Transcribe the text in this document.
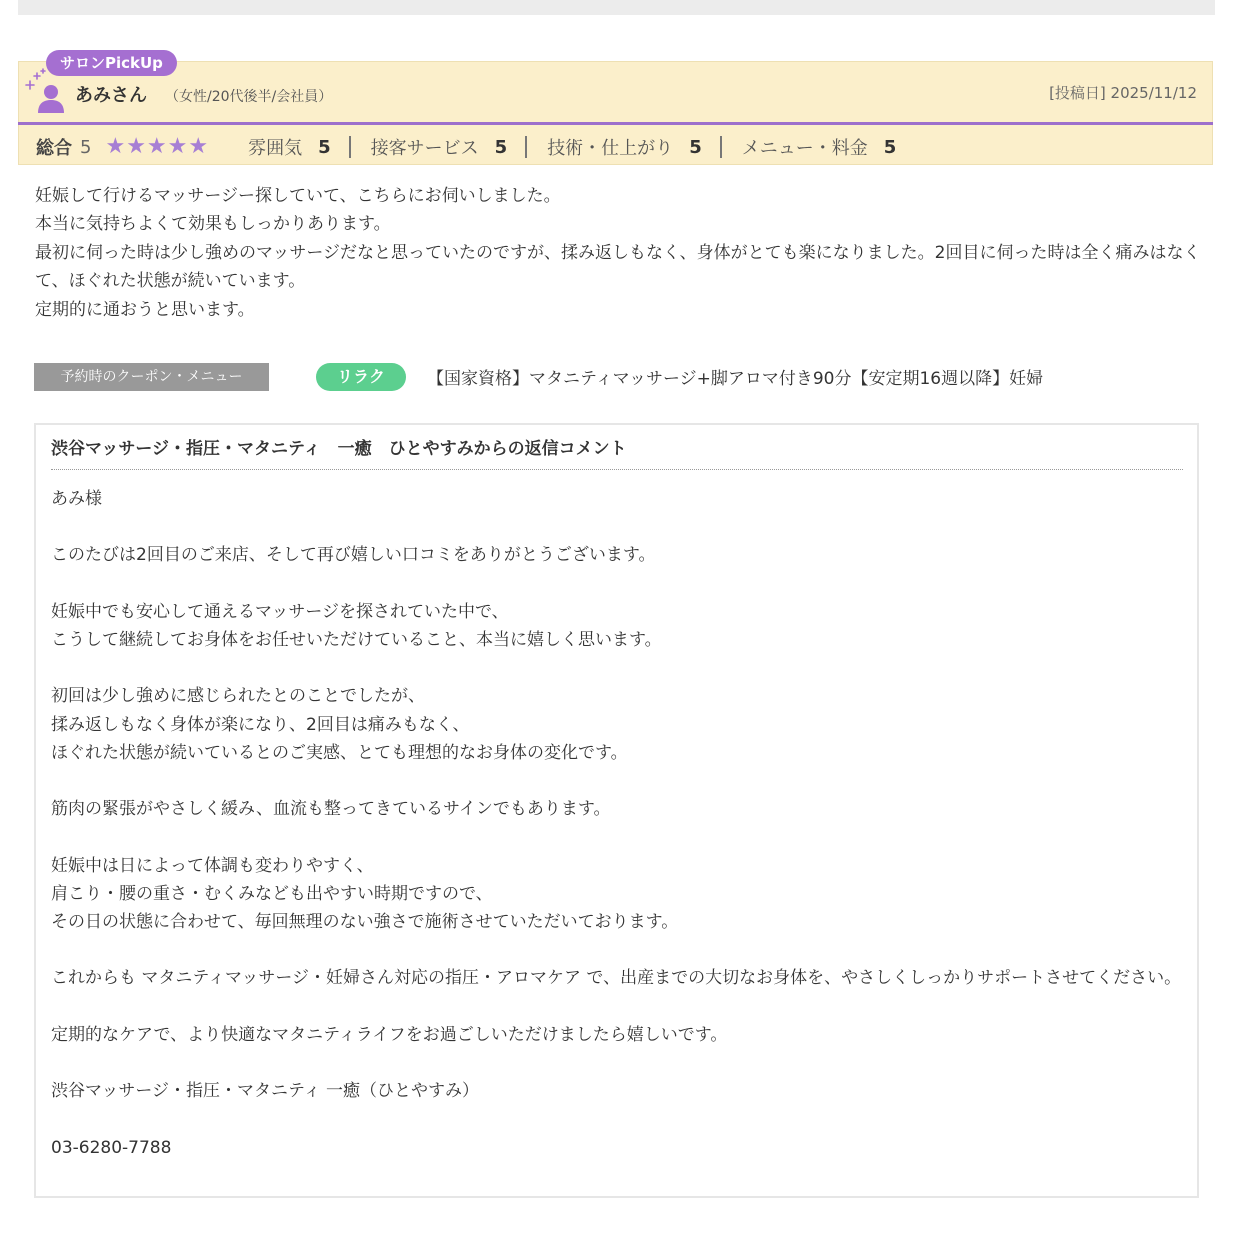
サロンPickUp
あみさん （女性/20代後半/会社員）	[投稿日] 2025/11/12
総合 5 ★ ★ ★ ★ ★ 雰囲気 5 接客サービス 5 技術・仕上がり 5 メニュー・料金 5

妊娠して行けるマッサージー探していて、こちらにお伺いしました。

本当に気持ちよくて効果もしっかりあります。

最初に伺った時は少し強めのマッサージだなと思っていたのですが、揉み返しもなく、身体がとても楽になりました。2回目に伺った時は全く痛みはなくて、ほぐれた状態が続いています。

定期的に通おうと思います。

予約時のクーポン・メニュー	リラク	【国家資格】マタニティマッサージ+脚アロマ付き90分【安定期16週以降】妊婦
渋谷マッサージ・指圧・マタニティ　一癒　ひとやすみからの返信コメント

あみ様

このたびは2回目のご来店、そして再び嬉しい口コミをありがとうございます。

妊娠中でも安心して通えるマッサージを探されていた中で、
こうして継続してお身体をお任せいただけていること、本当に嬉しく思います。

初回は少し強めに感じられたとのことでしたが、
揉み返しもなく身体が楽になり、2回目は痛みもなく、
ほぐれた状態が続いているとのご実感、とても理想的なお身体の変化です。

筋肉の緊張がやさしく緩み、血流も整ってきているサインでもあります。

妊娠中は日によって体調も変わりやすく、
肩こり・腰の重さ・むくみなども出やすい時期ですので、
その日の状態に合わせて、毎回無理のない強さで施術させていただいております。

これからも マタニティマッサージ・妊婦さん対応の指圧・アロマケア で、出産までの大切なお身体を、やさしくしっかりサポートさせてください。

定期的なケアで、より快適なマタニティライフをお過ごしいただけましたら嬉しいです。

渋谷マッサージ・指圧・マタニティ 一癒（ひとやすみ）

03-6280-7788
